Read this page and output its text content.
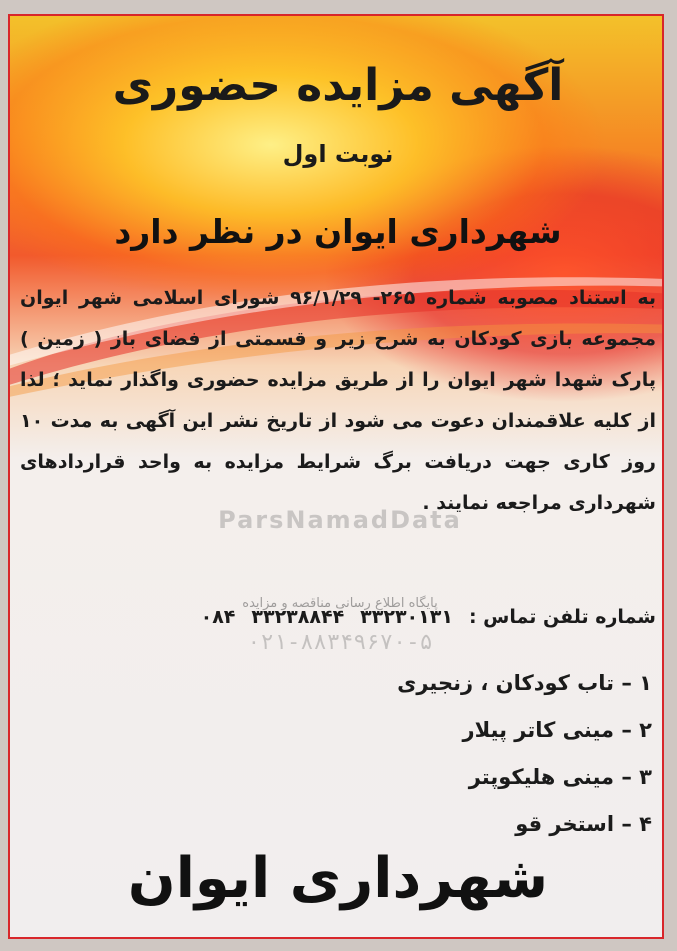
ParsNamadData
پایگاه اطلاع رسانی مناقصه و مزایده
۰۲۱-۸۸۳۴۹۶۷۰-۵
آگهی مزایده حضوری
نوبت اول
شهرداری ایوان در نظر دارد
به استناد مصوبه شماره ۲۶۵- ۹۶/۱/۲۹ شورای اسلامی شهر ایوان مجموعه بازی کودکان به شرح زیر و قسمتی از فضای باز ( زمین ) پارک شهدا شهر ایوان را از طریق مزایده حضوری واگذار نماید ؛ لذا از کلیه علاقمندان دعوت می شود از تاریخ نشر این آگهی به مدت ۱۰ روز کاری جهت دریافت برگ شرایط مزایده به واحد قراردادهای شهرداری مراجعه نمایند .
شماره تلفن تماس :
۳۳۲۳۰۱۳۱
۳۳۲۳۸۸۴۴
۰۸۴
۱ – تاب کودکان ، زنجیری
۲ – مینی کاتر پیلار
۳ – مینی هلیکوپتر
۴ – استخر قو
شهرداری ایوان
